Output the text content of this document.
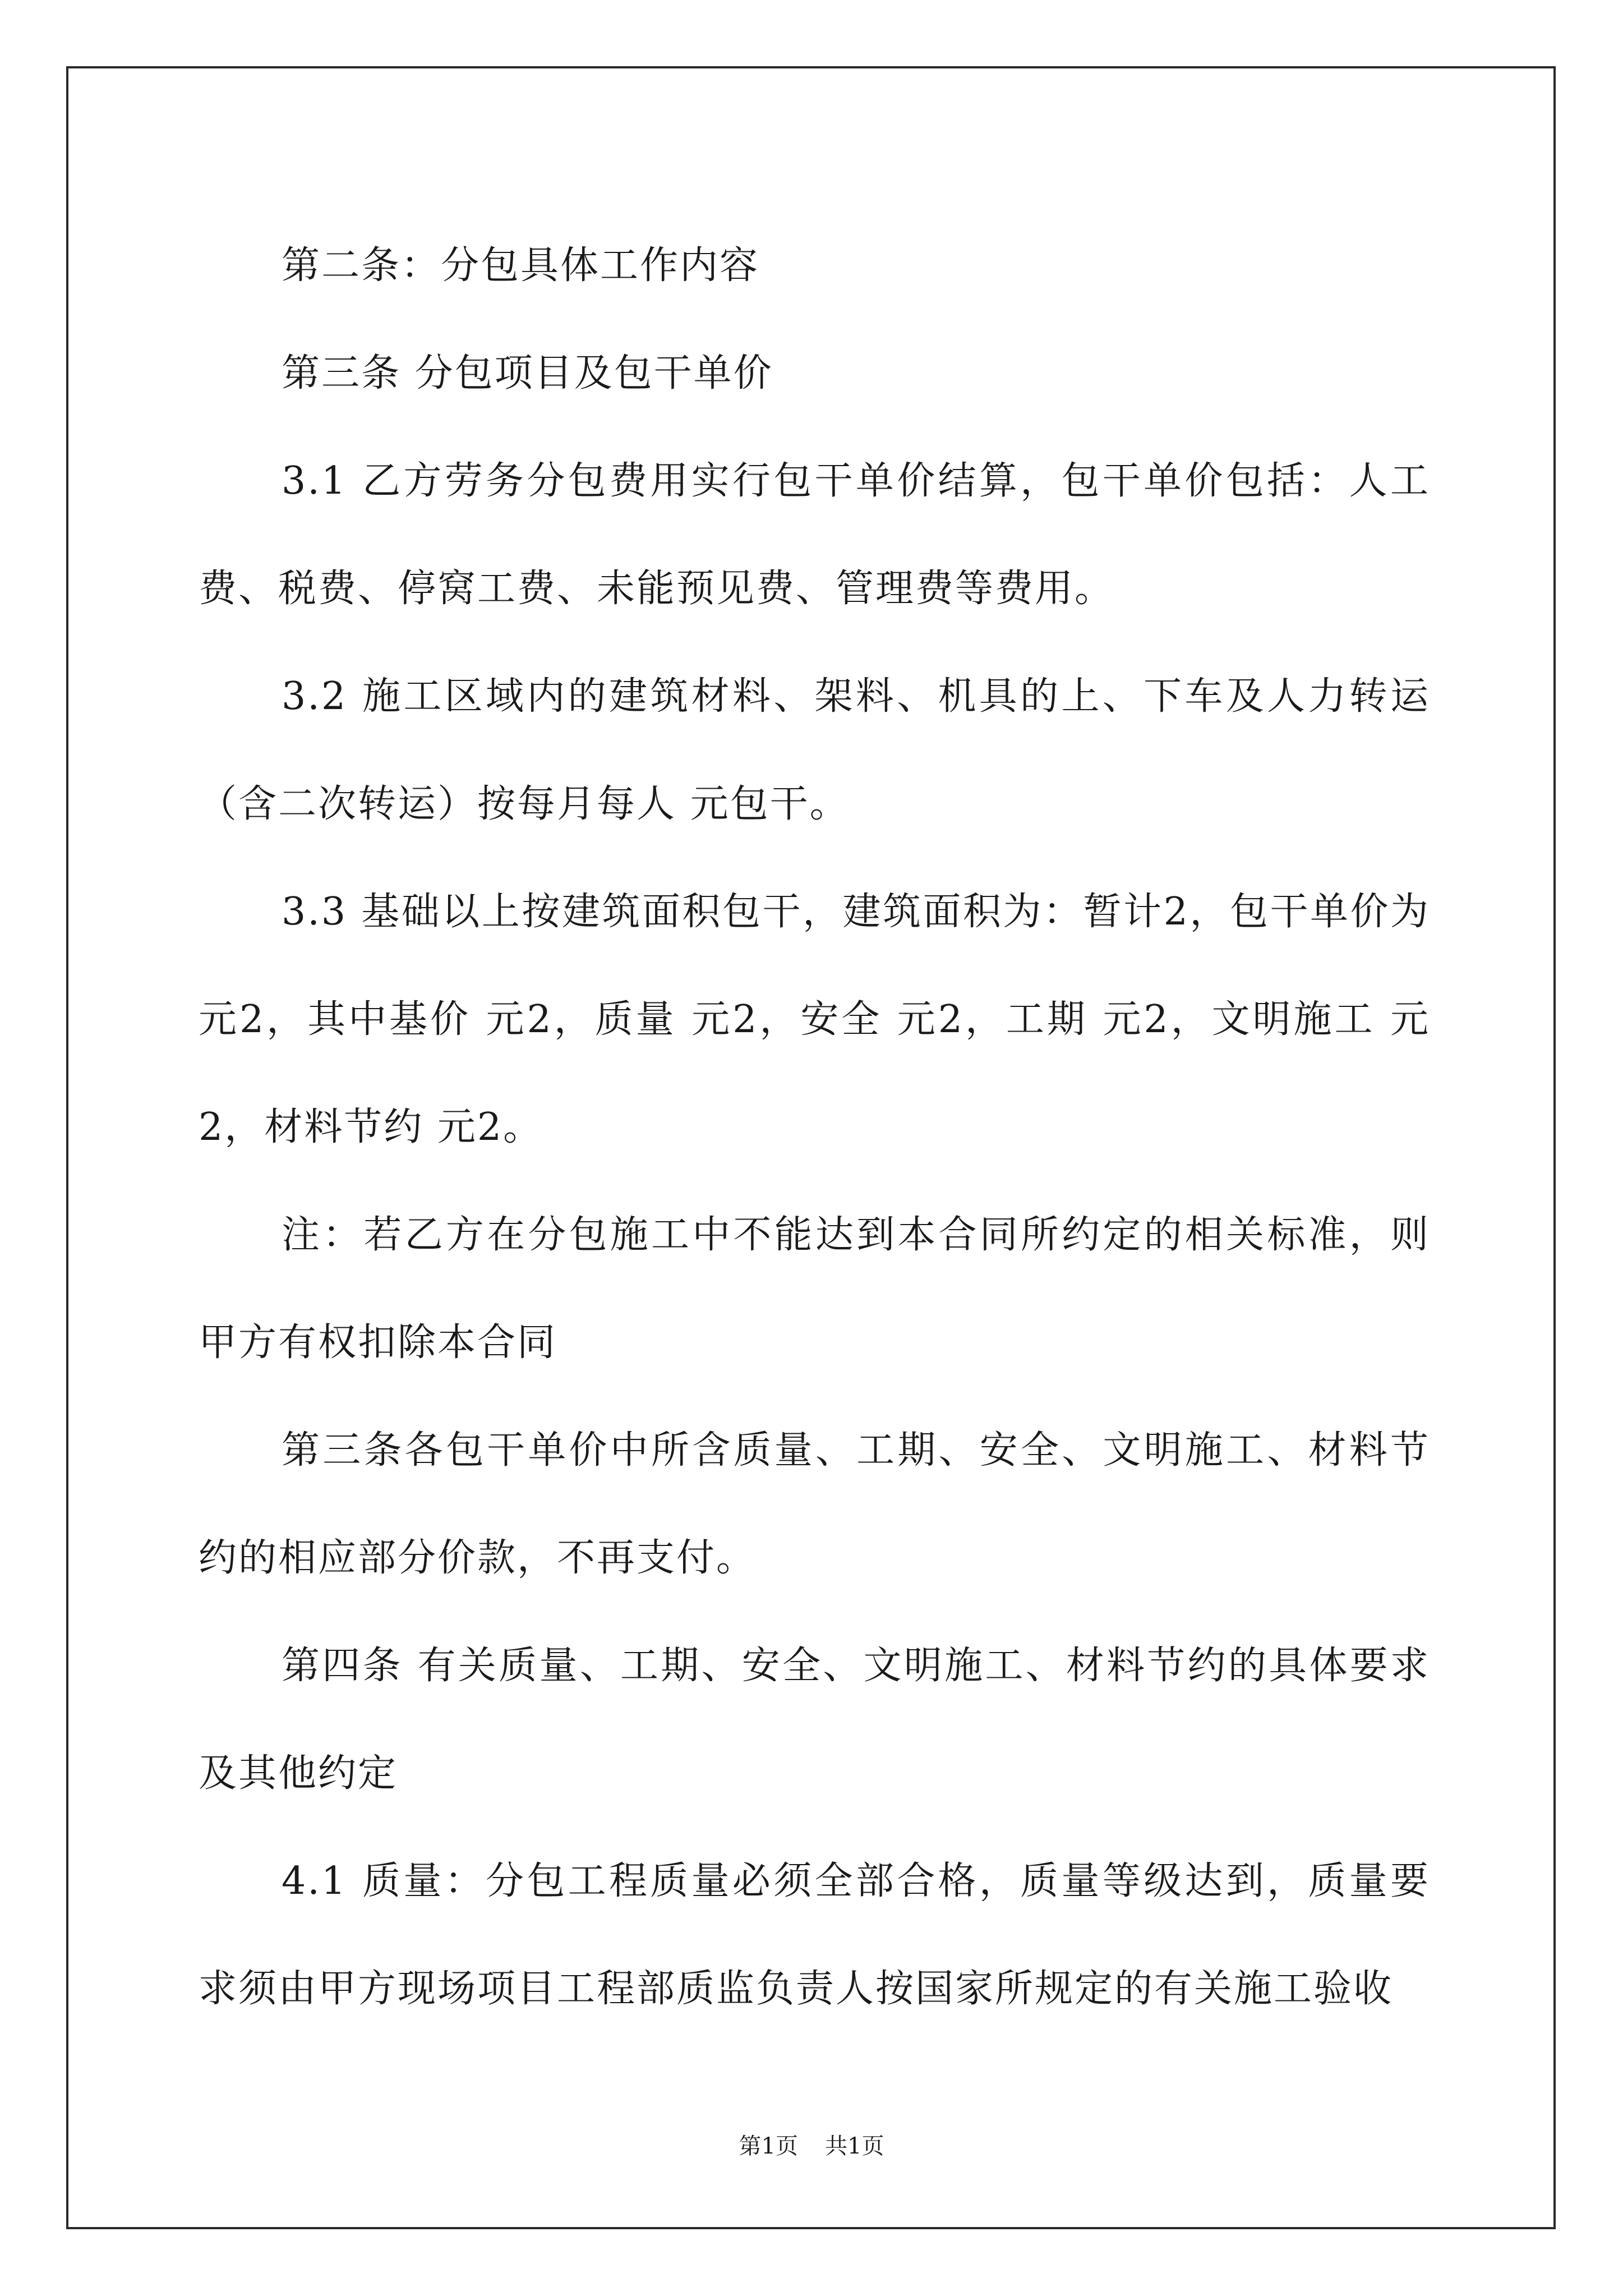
第二条：分包具体工作内容

第三条 分包项目及包干单价

3.1 乙方劳务分包费用实行包干单价结算，包干单价包括：人工费、税费、停窝工费、未能预见费、管理费等费用。

3.2 施工区域内的建筑材料、架料、机具的上、下车及人力转运（含二次转运）按每月每人 元包干。

3.3 基础以上按建筑面积包干，建筑面积为：暂计2，包干单价为 元2，其中基价 元2，质量 元2，安全 元2，工期 元2，文明施工 元2，材料节约 元2。

注：若乙方在分包施工中不能达到本合同所约定的相关标准，则甲方有权扣除本合同

第三条各包干单价中所含质量、工期、安全、文明施工、材料节约的相应部分价款，不再支付。

第四条 有关质量、工期、安全、文明施工、材料节约的具体要求及其他约定

4.1 质量：分包工程质量必须全部合格，质量等级达到，质量要求须由甲方现场项目工程部质监负责人按国家所规定的有关施工验收

第1页 共1页
